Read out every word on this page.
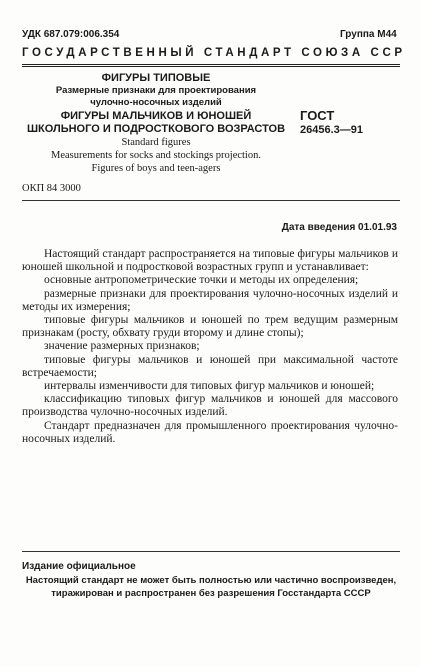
УДК 687.079:006.354	Группа М44
ГОСУДАРСТВЕННЫЙ СТАНДАРТ СОЮЗА ССР
ФИГУРЫ ТИПОВЫЕ
Размерные признаки для проектирования
чулочно-носочных изделий
ФИГУРЫ МАЛЬЧИКОВ И ЮНОШЕЙ
ШКОЛЬНОГО И ПОДРОСТКОВОГО ВОЗРАСТОВ
Standard figures
Measurements for socks and stockings projection.
Figures of boys and teen-agers
ГОСТ
26456.3—91
ОКП 84 3000
Дата введения 01.01.93

Настоящий стандарт распространяется на типовые фигуры мальчиков и юношей школьной и подростковой возрастных групп и устанавливает:

основные антропометрические точки и методы их определения;

размерные признаки для проектирования чулочно-носочных изделий и методы их измерения;

типовые фигуры мальчиков и юношей по трем ведущим размерным признакам (росту, обхвату груди второму и длине стопы);

значение размерных признаков;

типовые фигуры мальчиков и юношей при максимальной частоте встречаемости;

интервалы изменчивости для типовых фигур мальчиков и юношей;

классификацию типовых фигур мальчиков и юношей для массового производства чулочно-носочных изделий.

Стандарт предназначен для промышленного проектирования чулочно-носочных изделий.

Издание официальное
Настоящий стандарт не может быть полностью или частично воспроизведен,
тиражирован и распространен без разрешения Госстандарта СССР
